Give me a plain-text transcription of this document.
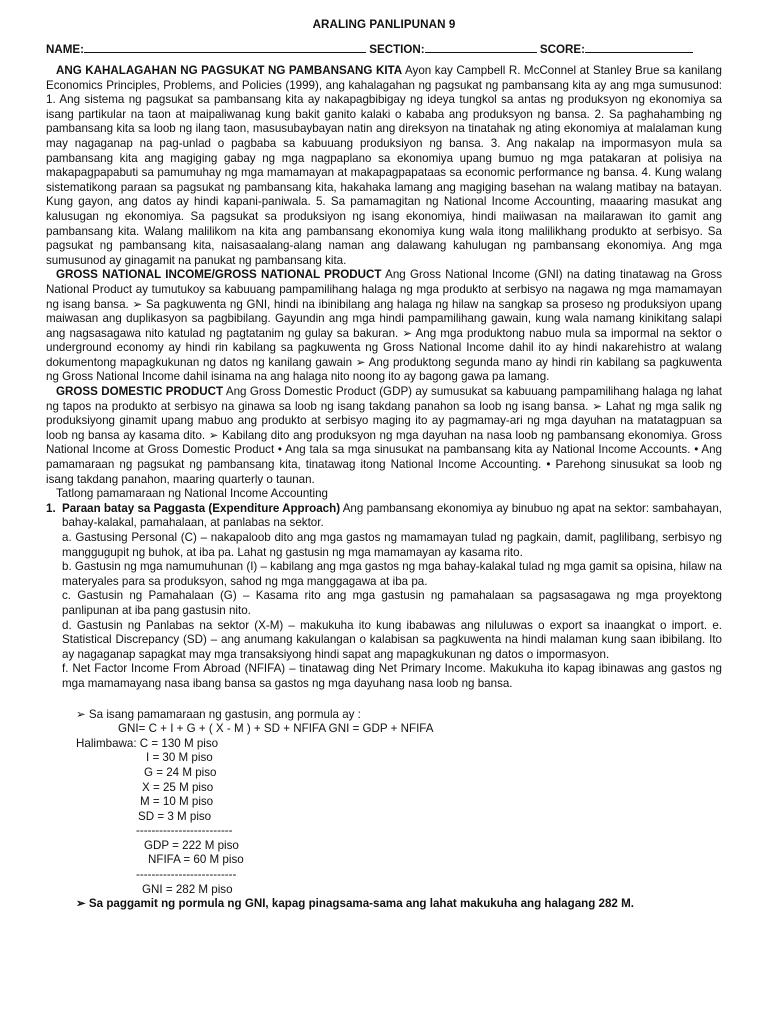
ARALING PANLIPUNAN 9
NAME:	SECTION:	SCORE:

ANG KAHALAGAHAN NG PAGSUKAT NG PAMBANSANG KITA Ayon kay Campbell R. McConnel at Stanley Brue sa kanilang Economics Principles, Problems, and Policies (1999), ang kahalagahan ng pagsukat ng pambansang kita ay ang mga sumusunod: 1. Ang sistema ng pagsukat sa pambansang kita ay nakapagbibigay ng ideya tungkol sa antas ng produksyon ng ekonomiya sa isang partikular na taon at maipaliwanag kung bakit ganito kalaki o kababa ang produksyon ng bansa. 2. Sa paghahambing ng pambansang kita sa loob ng ilang taon, masusubaybayan natin ang direksyon na tinatahak ng ating ekonomiya at malalaman kung may nagaganap na pag-unlad o pagbaba sa kabuuang produksiyon ng bansa. 3. Ang nakalap na impormasyon mula sa pambansang kita ang magiging gabay ng mga nagpaplano sa ekonomiya upang bumuo ng mga patakaran at polisiya na makapagpapabuti sa pamumuhay ng mga mamamayan at makapagpapataas sa economic performance ng bansa. 4. Kung walang sistematikong paraan sa pagsukat ng pambansang kita, hakahaka lamang ang magiging basehan na walang matibay na batayan. Kung gayon, ang datos ay hindi kapani-paniwala. 5. Sa pamamagitan ng National Income Accounting, maaaring masukat ang kalusugan ng ekonomiya. Sa pagsukat sa produksiyon ng isang ekonomiya, hindi maiiwasan na mailarawan ito gamit ang pambansang kita. Walang malilikom na kita ang pambansang ekonomiya kung wala itong malilikhang produkto at serbisyo. Sa pagsukat ng pambansang kita, naisasaalang-alang naman ang dalawang kahulugan ng pambansang ekonomiya. Ang mga sumusunod ay ginagamit na panukat ng pambansang kita.

GROSS NATIONAL INCOME/GROSS NATIONAL PRODUCT Ang Gross National Income (GNI) na dating tinatawag na Gross National Product ay tumutukoy sa kabuuang pampamilihang halaga ng mga produkto at serbisyo na nagawa ng mga mamamayan ng isang bansa. ➢ Sa pagkuwenta ng GNI, hindi na ibinibilang ang halaga ng hilaw na sangkap sa proseso ng produksiyon upang maiwasan ang duplikasyon sa pagbibilang. Gayundin ang mga hindi pampamilihang gawain, kung wala namang kinikitang salapi ang nagsasagawa nito katulad ng pagtatanim ng gulay sa bakuran. ➢ Ang mga produktong nabuo mula sa impormal na sektor o underground economy ay hindi rin kabilang sa pagkuwenta ng Gross National Income dahil ito ay hindi nakarehistro at walang dokumentong mapagkukunan ng datos ng kanilang gawain ➢ Ang produktong segunda mano ay hindi rin kabilang sa pagkuwenta ng Gross National Income dahil isinama na ang halaga nito noong ito ay bagong gawa pa lamang.

GROSS DOMESTIC PRODUCT Ang Gross Domestic Product (GDP) ay sumusukat sa kabuuang pampamilihang halaga ng lahat ng tapos na produkto at serbisyo na ginawa sa loob ng isang takdang panahon sa loob ng isang bansa. ➢ Lahat ng mga salik ng produksiyong ginamit upang mabuo ang produkto at serbisyo maging ito ay pagmamay-ari ng mga dayuhan na matatagpuan sa loob ng bansa ay kasama dito. ➢ Kabilang dito ang produksyon ng mga dayuhan na nasa loob ng pambansang ekonomiya. Gross National Income at Gross Domestic Product • Ang tala sa mga sinusukat na pambansang kita ay National Income Accounts. • Ang pamamaraan ng pagsukat ng pambansang kita, tinatawag itong National Income Accounting. • Parehong sinusukat sa loob ng isang takdang panahon, maaring quarterly o taunan.

Tatlong pamamaraan ng National Income Accounting

1. Paraan batay sa Paggasta (Expenditure Approach) Ang pambansang ekonomiya ay binubuo ng apat na sektor: sambahayan, bahay-kalakal, pamahalaan, at panlabas na sektor.

a. Gastusing Personal (C) – nakapaloob dito ang mga gastos ng mamamayan tulad ng pagkain, damit, paglilibang, serbisyo ng manggugupit ng buhok, at iba pa. Lahat ng gastusin ng mga mamamayan ay kasama rito.

b. Gastusin ng mga namumuhunan (I) – kabilang ang mga gastos ng mga bahay-kalakal tulad ng mga gamit sa opisina, hilaw na materyales para sa produksyon, sahod ng mga manggagawa at iba pa.

c. Gastusin ng Pamahalaan (G) – Kasama rito ang mga gastusin ng pamahalaan sa pagsasagawa ng mga proyektong panlipunan at iba pang gastusin nito.

d. Gastusin ng Panlabas na sektor (X-M) – makukuha ito kung ibabawas ang niluluwas o export sa inaangkat o import. e. Statistical Discrepancy (SD) – ang anumang kakulangan o kalabisan sa pagkuwenta na hindi malaman kung saan ibibilang. Ito ay nagaganap sapagkat may mga transaksiyong hindi sapat ang mapagkukunan ng datos o impormasyon.

f. Net Factor Income From Abroad (NFIFA) – tinatawag ding Net Primary Income. Makukuha ito kapag ibinawas ang gastos ng mga mamamayang nasa ibang bansa sa gastos ng mga dayuhang nasa loob ng bansa.

➢ Sa isang pamamaraan ng gastusin, ang pormula ay :

GNI= C + I + G + ( X - M ) + SD + NFIFA GNI = GDP + NFIFA

Halimbawa: C = 130 M piso

I = 30 M piso

G = 24 M piso

X = 25 M piso

M = 10 M piso

SD = 3 M piso

-------------------------

GDP = 222 M piso

NFIFA = 60 M piso

--------------------------

GNI = 282 M piso

➢ Sa paggamit ng pormula ng GNI, kapag pinagsama-sama ang lahat makukuha ang halagang 282 M.
